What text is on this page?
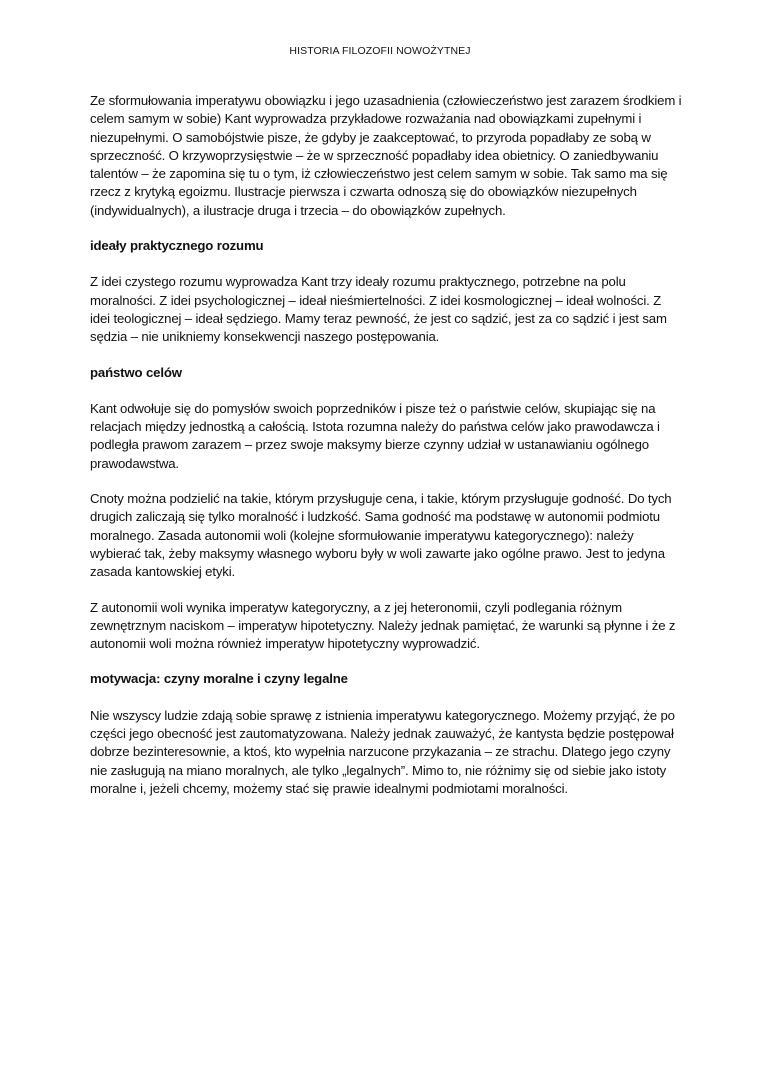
HISTORIA FILOZOFII NOWOŻYTNEJ

Ze sformułowania imperatywu obowiązku i jego uzasadnienia (człowieczeństwo jest zarazem środkiem i
celem samym w sobie) Kant wyprowadza przykładowe rozważania nad obowiązkami zupełnymi i
niezupełnymi. O samobójstwie pisze, że gdyby je zaakceptować, to przyroda popadłaby ze sobą w
sprzeczność. O krzywoprzysięstwie – że w sprzeczność popadłaby idea obietnicy. O zaniedbywaniu
talentów – że zapomina się tu o tym, iż człowieczeństwo jest celem samym w sobie. Tak samo ma się
rzecz z krytyką egoizmu. Ilustracje pierwsza i czwarta odnoszą się do obowiązków niezupełnych
(indywidualnych), a ilustracje druga i trzecia – do obowiązków zupełnych.

ideały praktycznego rozumu

Z idei czystego rozumu wyprowadza Kant trzy ideały rozumu praktycznego, potrzebne na polu
moralności. Z idei psychologicznej – ideał nieśmiertelności. Z idei kosmologicznej – ideał wolności. Z
idei teologicznej – ideał sędziego. Mamy teraz pewność, że jest co sądzić, jest za co sądzić i jest sam
sędzia – nie unikniemy konsekwencji naszego postępowania.

państwo celów

Kant odwołuje się do pomysłów swoich poprzedników i pisze też o państwie celów, skupiając się na
relacjach między jednostką a całością. Istota rozumna należy do państwa celów jako prawodawcza i
podległa prawom zarazem – przez swoje maksymy bierze czynny udział w ustanawianiu ogólnego
prawodawstwa.

Cnoty można podzielić na takie, którym przysługuje cena, i takie, którym przysługuje godność. Do tych
drugich zaliczają się tylko moralność i ludzkość. Sama godność ma podstawę w autonomii podmiotu
moralnego. Zasada autonomii woli (kolejne sformułowanie imperatywu kategorycznego): należy
wybierać tak, żeby maksymy własnego wyboru były w woli zawarte jako ogólne prawo. Jest to jedyna
zasada kantowskiej etyki.

Z autonomii woli wynika imperatyw kategoryczny, a z jej heteronomii, czyli podlegania różnym
zewnętrznym naciskom – imperatyw hipotetyczny. Należy jednak pamiętać, że warunki są płynne i że z
autonomii woli można również imperatyw hipotetyczny wyprowadzić.

motywacja: czyny moralne i czyny legalne

Nie wszyscy ludzie zdają sobie sprawę z istnienia imperatywu kategorycznego. Możemy przyjąć, że po
części jego obecność jest zautomatyzowana. Należy jednak zauważyć, że kantysta będzie postępował
dobrze bezinteresownie, a ktoś, kto wypełnia narzucone przykazania – ze strachu. Dlatego jego czyny
nie zasługują na miano moralnych, ale tylko „legalnych”. Mimo to, nie różnimy się od siebie jako istoty
moralne i, jeżeli chcemy, możemy stać się prawie idealnymi podmiotami moralności.
